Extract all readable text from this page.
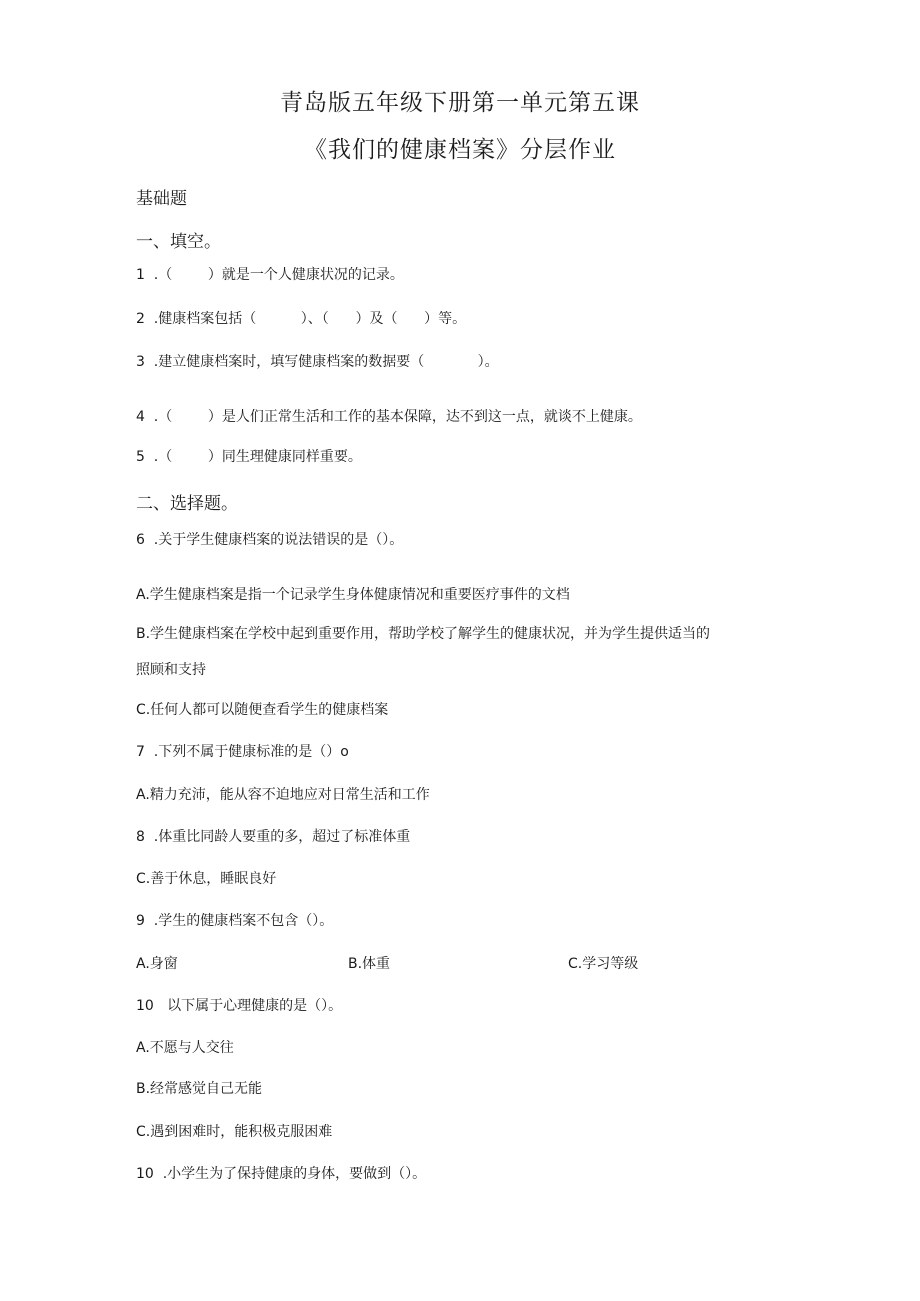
青岛版五年级下册第一单元第五课
《我们的健康档案》分层作业
基础题
一、填空。
1  .（        ）就是一个人健康状况的记录。
2  .健康档案包括（          ）、（      ）及（      ）等。
3  .建立健康档案时，填写健康档案的数据要（            ）。
4  .（        ）是人们正常生活和工作的基本保障，达不到这一点，就谈不上健康。
5  .（        ）同生理健康同样重要。
二、选择题。
6  .关于学生健康档案的说法错误的是（）。
A.学生健康档案是指一个记录学生身体健康情况和重要医疗事件的文档
B.学生健康档案在学校中起到重要作用，帮助学校了解学生的健康状况，并为学生提供适当的
照顾和支持
C.任何人都可以随便查看学生的健康档案
7  .下列不属于健康标准的是（）o
A.精力充沛，能从容不迫地应对日常生活和工作
8  .体重比同龄人要重的多，超过了标准体重
C.善于休息，睡眠良好
9  .学生的健康档案不包含（）。
A.身窗	B.体重	C.学习等级
10   以下属于心理健康的是（）。
A.不愿与人交往
B.经常感觉自己无能
C.遇到困难时，能积极克服困难
10  .小学生为了保持健康的身体，要做到（）。
